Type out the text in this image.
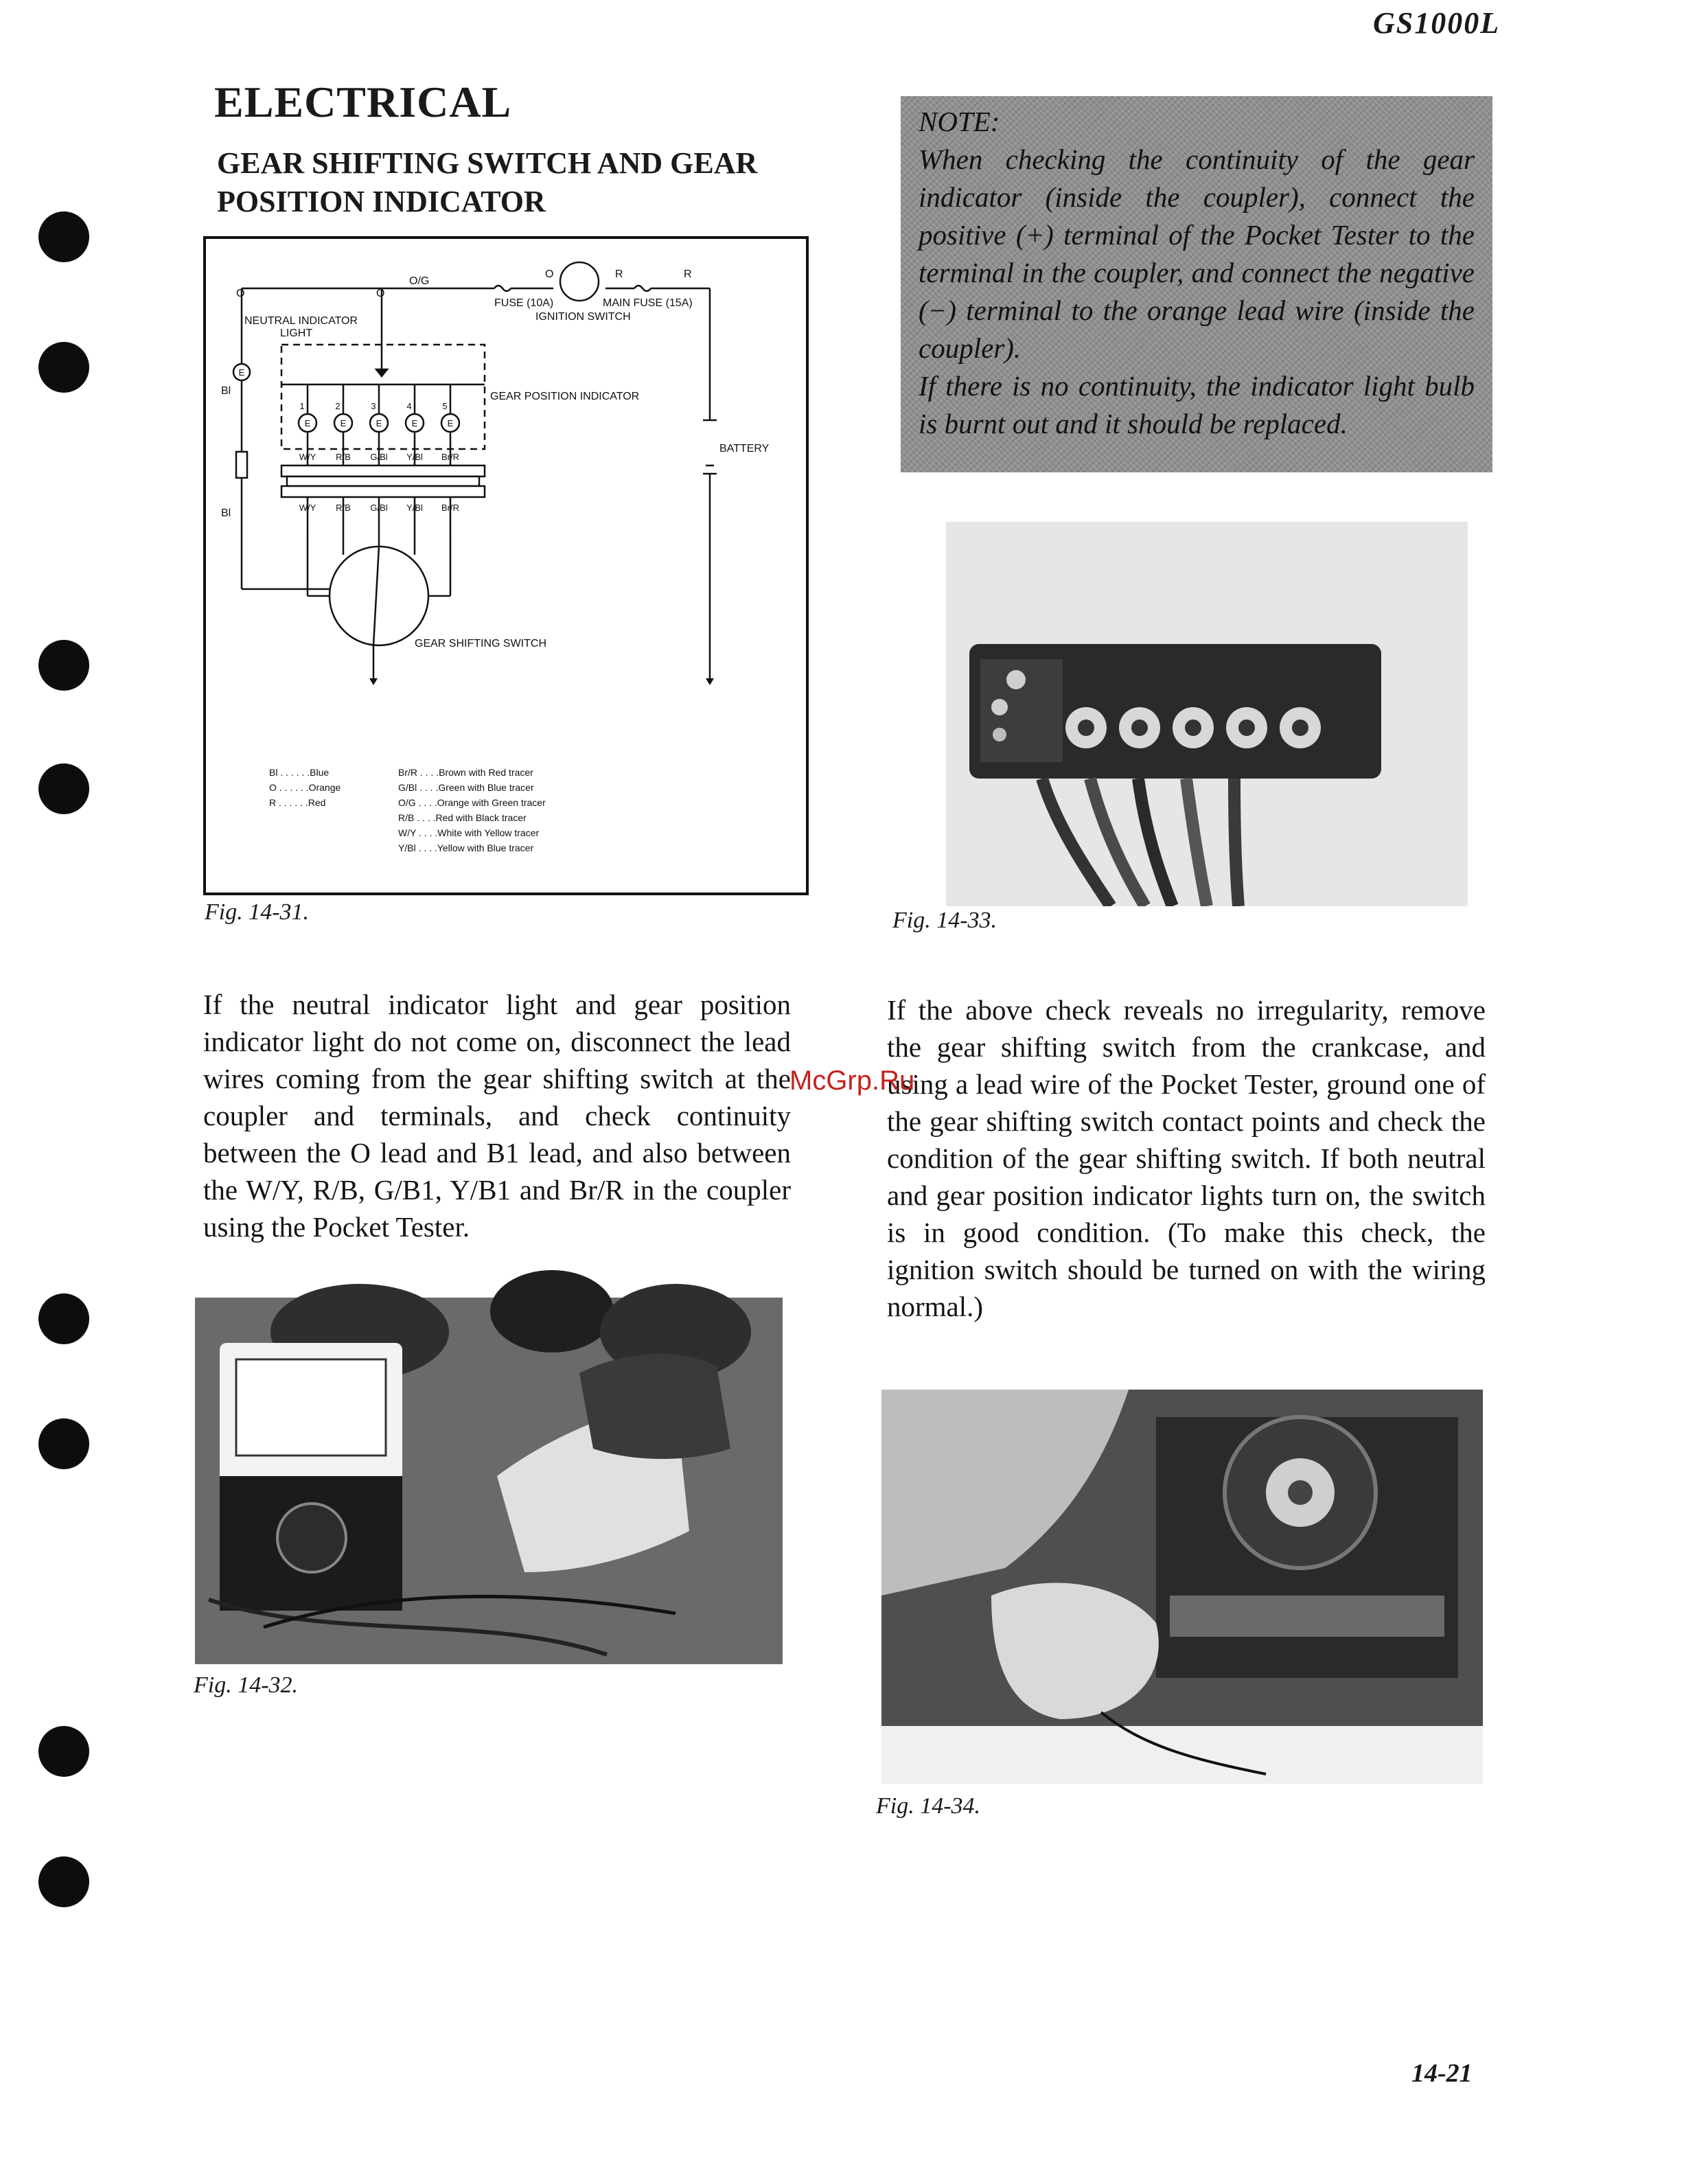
GS1000L
ELECTRICAL
GEAR SHIFTING SWITCH AND GEAR POSITION INDICATOR
E
E	E	E	E	E
1	2	3	4	5
W/Y R/B G/Bl Y/Bl Br/R
W/Y R/B G/Bl Y/Bl Br/R
FUSE (10A)	MAIN FUSE (15A)
IGNITION SWITCH
NEUTRAL INDICATOR
LIGHT
GEAR POSITION INDICATOR
BATTERY
GEAR SHIFTING SWITCH
O/G
O	O
O	R	R
Bl
Bl
Bl . . . . . .Blue
O . . . . . .Orange
R . . . . . .Red
Br/R . . . .Brown with Red tracer
G/Bl . . . .Green with Blue tracer
O/G . . . .Orange with Green tracer
R/B . . . .Red with Black tracer
W/Y . . . .White with Yellow tracer
Y/Bl . . . .Yellow with Blue tracer
Fig. 14-31.

NOTE:

When checking the continuity of the gear indicator (inside the coupler), connect the positive (+) terminal of the Pocket Tester to the terminal in the coupler, and connect the negative (−) terminal to the orange lead wire (inside the coupler).

If there is no continuity, the indicator light bulb is burnt out and it should be replaced.

Fig. 14-33.

If the neutral indicator light and gear position indicator light do not come on, disconnect the lead wires coming from the gear shifting switch at the coupler and terminals, and check continuity between the O lead and B1 lead, and also between the W/Y, R/B, G/B1, Y/B1 and Br/R in the coupler using the Pocket Tester.

If the above check reveals no irregularity, remove the gear shifting switch from the crankcase, and using a lead wire of the Pocket Tester, ground one of the gear shifting switch contact points and check the condition of the gear shifting switch. If both neutral and gear position indicator lights turn on, the switch is in good condition. (To make this check, the ignition switch should be turned on with the wiring normal.)

Fig. 14-32.
Fig. 14-34.
McGrp.Ru
14-21
